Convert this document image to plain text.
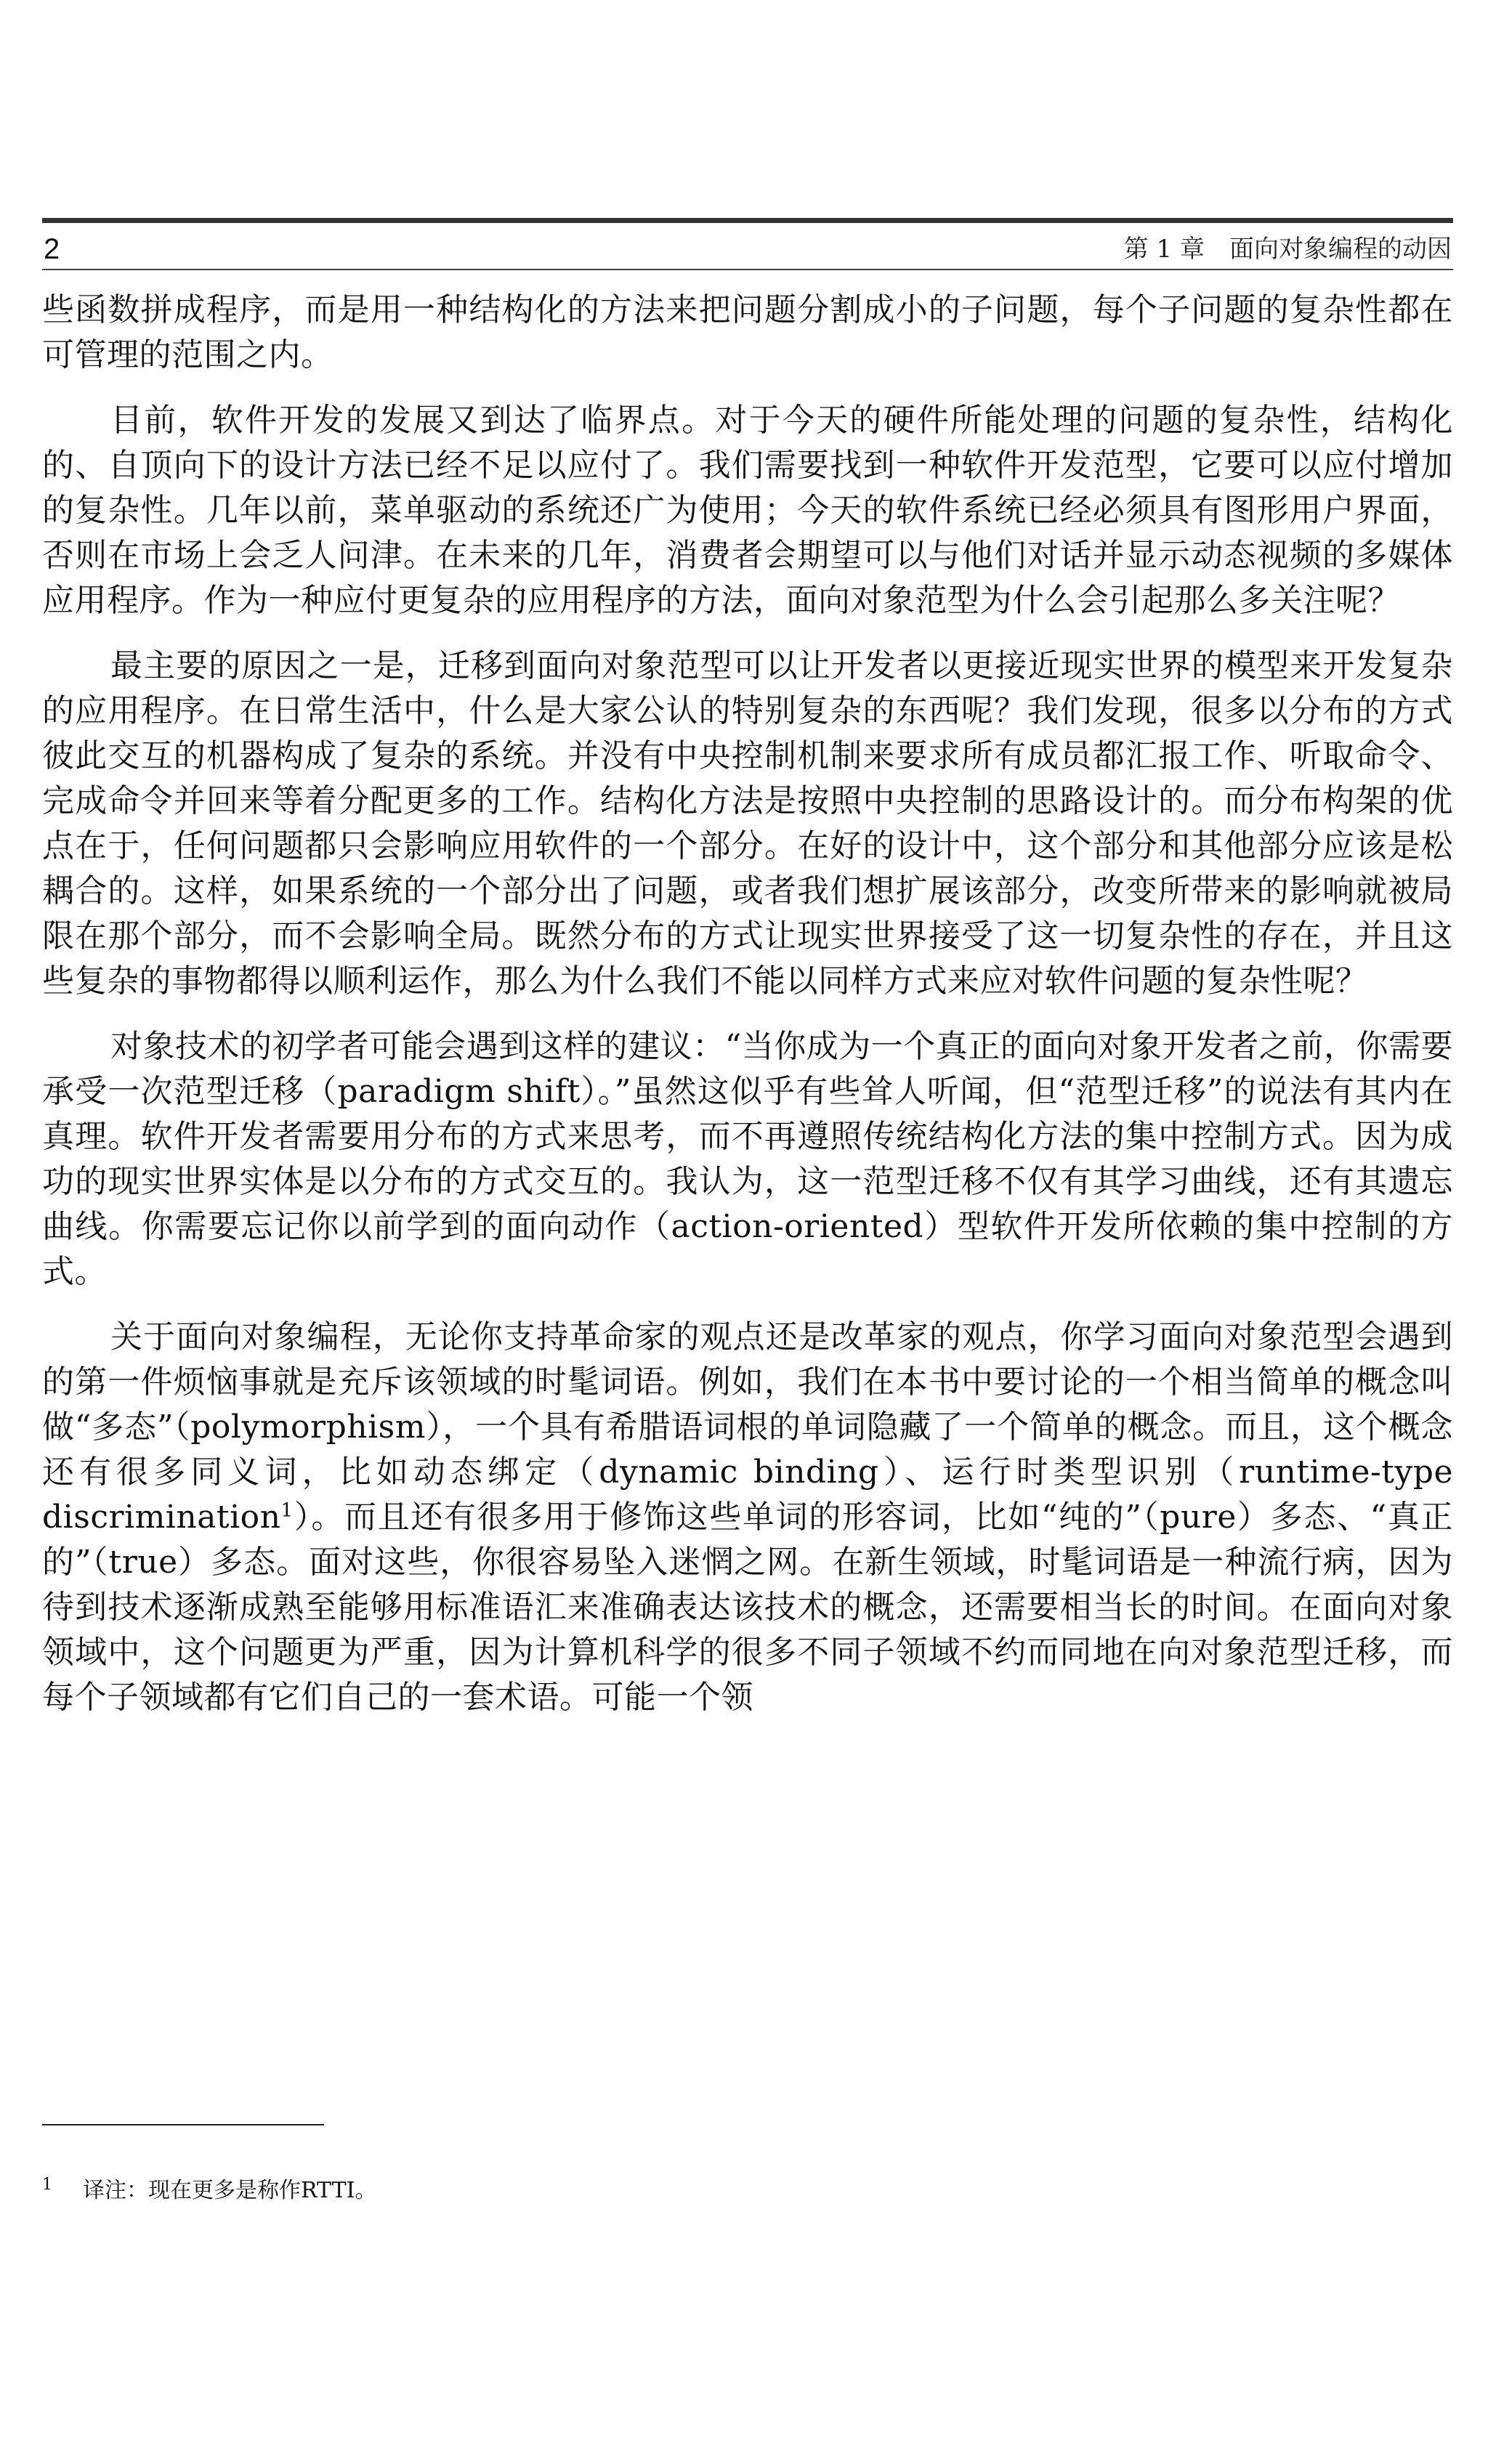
2	第 1 章　面向对象编程的动因

些函数拼成程序，而是用一种结构化的方法来把问题分割成小的子问题，每个子问题的复杂性都在可管理的范围之内。

目前，软件开发的发展又到达了临界点。对于今天的硬件所能处理的问题的复杂性，结构化的、自顶向下的设计方法已经不足以应付了。我们需要找到一种软件开发范型，它要可以应付增加的复杂性。几年以前，菜单驱动的系统还广为使用；今天的软件系统已经必须具有图形用户界面，否则在市场上会乏人问津。在未来的几年，消费者会期望可以与他们对话并显示动态视频的多媒体应用程序。作为一种应付更复杂的应用程序的方法，面向对象范型为什么会引起那么多关注呢？

最主要的原因之一是，迁移到面向对象范型可以让开发者以更接近现实世界的模型来开发复杂的应用程序。在日常生活中，什么是大家公认的特别复杂的东西呢？我们发现，很多以分布的方式彼此交互的机器构成了复杂的系统。并没有中央控制机制来要求所有成员都汇报工作、听取命令、完成命令并回来等着分配更多的工作。结构化方法是按照中央控制的思路设计的。而分布构架的优点在于，任何问题都只会影响应用软件的一个部分。在好的设计中，这个部分和其他部分应该是松耦合的。这样，如果系统的一个部分出了问题，或者我们想扩展该部分，改变所带来的影响就被局限在那个部分，而不会影响全局。既然分布的方式让现实世界接受了这一切复杂性的存在，并且这些复杂的事物都得以顺利运作，那么为什么我们不能以同样方式来应对软件问题的复杂性呢？

对象技术的初学者可能会遇到这样的建议：“当你成为一个真正的面向对象开发者之前，你需要承受一次范型迁移（paradigm shift）。”虽然这似乎有些耸人听闻，但“范型迁移”的说法有其内在真理。软件开发者需要用分布的方式来思考，而不再遵照传统结构化方法的集中控制方式。因为成功的现实世界实体是以分布的方式交互的。我认为，这一范型迁移不仅有其学习曲线，还有其遗忘曲线。你需要忘记你以前学到的面向动作（action-oriented）型软件开发所依赖的集中控制的方式。

关于面向对象编程，无论你支持革命家的观点还是改革家的观点，你学习面向对象范型会遇到的第一件烦恼事就是充斥该领域的时髦词语。例如，我们在本书中要讨论的一个相当简单的概念叫做“多态”（polymorphism），一个具有希腊语词根的单词隐藏了一个简单的概念。而且，这个概念还有很多同义词，比如动态绑定（dynamic binding）、运行时类型识别（runtime-type discrimination$^1$）。而且还有很多用于修饰这些单词的形容词，比如“纯的”（pure）多态、“真正的”（true）多态。面对这些，你很容易坠入迷惘之网。在新生领域，时髦词语是一种流行病，因为待到技术逐渐成熟至能够用标准语汇来准确表达该技术的概念，还需要相当长的时间。在面向对象领域中，这个问题更为严重，因为计算机科学的很多不同子领域不约而同地在向对象范型迁移，而每个子领域都有它们自己的一套术语。可能一个领

1 译注：现在更多是称作RTTI。
